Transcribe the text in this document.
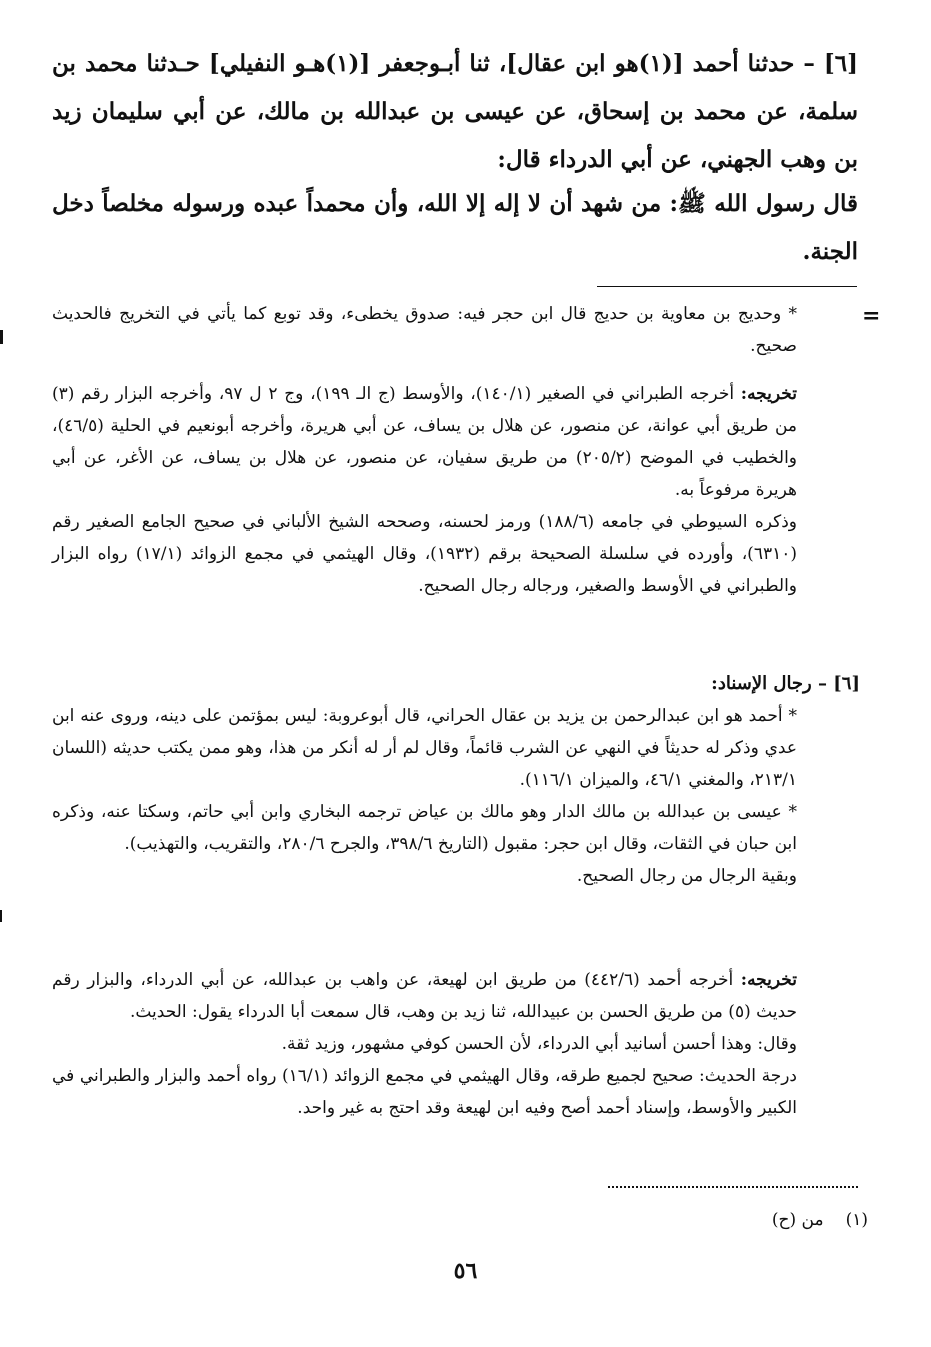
[٦] – حدثنا أحمد [(١)هو ابن عقال]، ثنا أبـوجعفر [(١)هـو النفيلي] حـدثنا محمد بن سلمة، عن محمد بن إسحاق، عن عيسى بن عبدالله بن مالك، عن أبي سليمان زيد بن وهب الجهني، عن أبي الدرداء قال:
قال رسول الله ﷺ: من شهد أن لا إله إلا الله، وأن محمداً عبده ورسوله مخلصاً دخل الجنة.
=

* وحديج بن معاوية بن حديج قال ابن حجر فيه: صدوق يخطىء، وقد توبع كما يأتي في التخريج فالحديث صحيح.

تخريجه: أخرجه الطبراني في الصغير (١٤٠/١)، والأوسط (ج الـ ١٩٩)، وج ٢ ل ٩٧، وأخرجه البزار رقم (٣) من طريق أبي عوانة، عن منصور، عن هلال بن يساف، عن أبي هريرة، وأخرجه أبونعيم في الحلية (٤٦/٥)، والخطيب في الموضح (٢٠٥/٢) من طريق سفيان، عن منصور، عن هلال بن يساف، عن الأغر، عن أبي هريرة مرفوعاً به.

وذكره السيوطي في جامعه (١٨٨/٦) ورمز لحسنه، وصححه الشيخ الألباني في صحيح الجامع الصغير رقم (٦٣١٠)، وأورده في سلسلة الصحيحة برقم (١٩٣٢)، وقال الهيثمي في مجمع الزوائد (١٧/١) رواه البزار والطبراني في الأوسط والصغير، ورجاله رجال الصحيح.

[٦] – رجال الإسناد:

* أحمد هو ابن عبدالرحمن بن يزيد بن عقال الحراني، قال أبوعروبة: ليس بمؤتمن على دينه، وروى عنه ابن عدي وذكر له حديثاً في النهي عن الشرب قائماً، وقال لم أر له أنكر من هذا، وهو ممن يكتب حديثه (اللسان ٢١٣/١، والمغني ٤٦/١، والميزان ١١٦/١).

* عيسى بن عبدالله بن مالك الدار وهو مالك بن عياض ترجمه البخاري وابن أبي حاتم، وسكتا عنه، وذكره ابن حبان في الثقات، وقال ابن حجر: مقبول (التاريخ ٣٩٨/٦، والجرح ٢٨٠/٦، والتقريب، والتهذيب).

وبقية الرجال من رجال الصحيح.

تخريجه: أخرجه أحمد (٤٤٢/٦) من طريق ابن لهيعة، عن واهب بن عبدالله، عن أبي الدرداء، والبزار رقم حديث (٥) من طريق الحسن بن عبيدالله، ثنا زيد بن وهب، قال سمعت أبا الدرداء يقول: الحديث.

وقال: وهذا أحسن أسانيد أبي الدرداء، لأن الحسن كوفي مشهور، وزيد ثقة.

درجة الحديث: صحيح لجميع طرقه، وقال الهيثمي في مجمع الزوائد (١٦/١) رواه أحمد والبزار والطبراني في الكبير والأوسط، وإسناد أحمد أصح وفيه ابن لهيعة وقد احتج به غير واحد.

(١)من (ح)
٥٦
